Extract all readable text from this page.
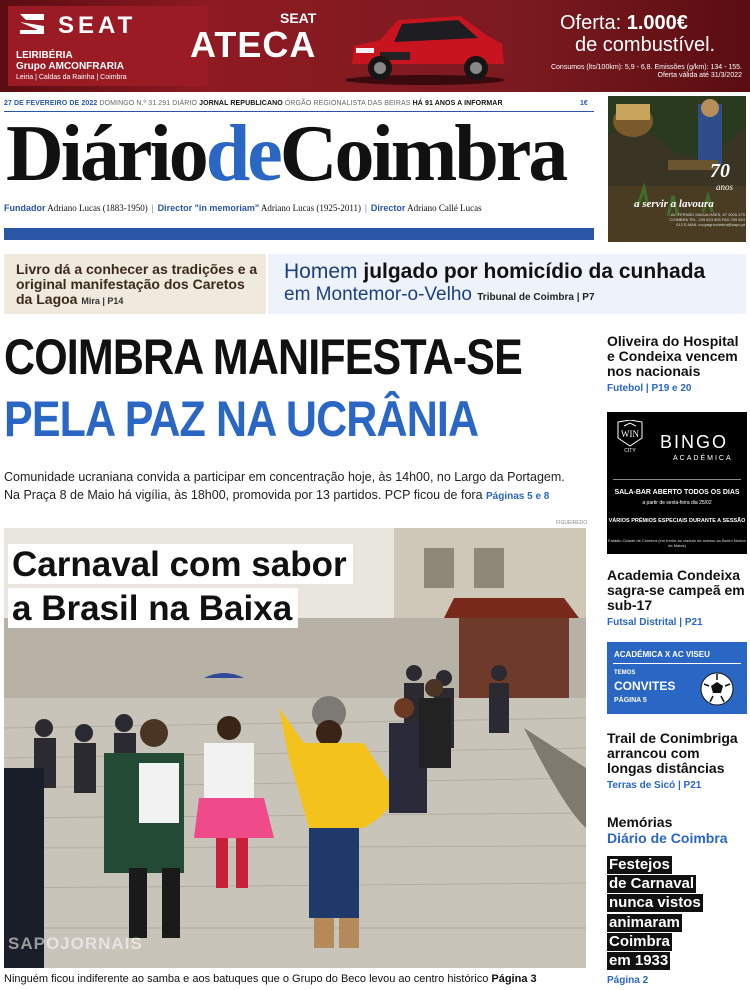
SEAT
LEIRIBÉRIA
Grupo AMCONFRARIA
Leiria | Caldas da Rainha | Coimbra
SEAT
ATECA
Oferta: 1.000€
de combustível.
Consumos (lts/100km): 5,9 - 6,8. Emissões (g/km): 134 - 155.
Oferta válida até 31/3/2022
27 DE FEVEREIRO DE 2022 DOMINGO N.º 31.291 DIÁRIO JORNAL REPUBLICANO ÓRGÃO REGIONALISTA DAS BEIRAS HÁ 91 ANOS A INFORMAR	1€
DiáriodeCoimbra
Fundador Adriano Lucas (1883-1950) | Director "in memoriam" Adriano Lucas (1925-2011) | Director Adriano Callé Lucas
70
anos
a servir a lavoura
AV. FERNÃO MAGALHÃES, 67 3000-175 COIMBRA TEL. 239 823 805 FAX 239 824 012 E-MAIL coopagricoimbra@sapo.pt
Livro dá a conhecer as tradições e a original manifestação dos Caretos da Lagoa Mira | P14
Homem julgado por homicídio da cunhada
em Montemor-o-Velho Tribunal de Coimbra | P7
COIMBRA MANIFESTA-SE
PELA PAZ NA UCRÂNIA
Comunidade ucraniana convida a participar em concentração hoje, às 14h00, no Largo da Portagem.
Na Praça 8 de Maio há vigília, às 18h00, promovida por 13 partidos. PCP ficou de fora Páginas 5 e 8
FIGUEIREDO
Carnaval com sabor
a Brasil na Baixa
SAPOJORNAIS
Ninguém ficou indiferente ao samba e aos batuques que o Grupo do Beco levou ao centro histórico Página 3
Oliveira do Hospital e Condeixa vencem nos nacionais
Futebol | P19 e 20
WIN
CITY BINGO
ACADÉMICA
SALA-BAR ABERTO TODOS OS DIAS
a partir de sexta-feira dia 25/02
VÁRIOS PRÉMIOS ESPECIAIS DURANTE A SESSÃO
Estádio Cidade de Coimbra (em frente ao viaduto de acesso ao Bairro Norton de Matos)
Academia Condeixa sagra-se campeã em sub-17
Futsal Distrital | P21
ACADÉMICA X AC VISEU
TEMOS
CONVITES
PÁGINA 5
Trail de Conimbriga arrancou com longas distâncias
Terras de Sicó | P21
Memórias
Diário de Coimbra
Festejos
de Carnaval
nunca vistos
animaram
Coimbra
em 1933
Página 2
